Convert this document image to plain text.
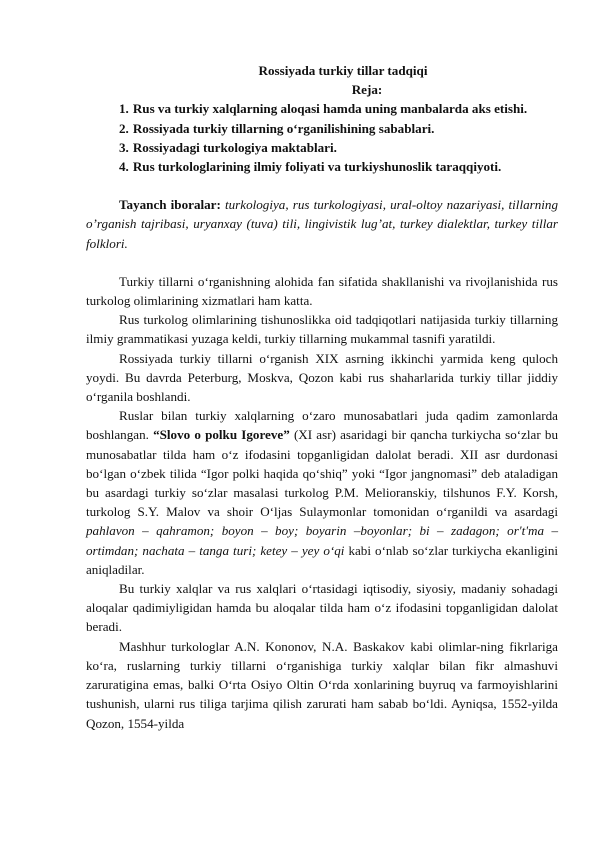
Rossiyada turkiy tillar tadqiqi
Reja:
1. Rus va turkiy xalqlarning aloqasi hamda uning manbalarda aks etishi.
2. Rossiyada turkiy tillarning o‘rganilishining sabablari.
3. Rossiyadagi turkologiya maktablari.
4. Rus turkologlarining ilmiy foliyati va turkiyshunoslik taraqqiyoti.

Tayanch iboralar: turkologiya, rus turkologiyasi, ural-oltoy nazariyasi, tillarning o’rganish tajribasi, uryanxay (tuva) tili, lingivistik lug’at, turkey dialektlar, turkey tillar folklori.

Turkiy tillarni o‘rganishning alohida fan sifatida shakllanishi va rivojlanishida rus turkolog olimlarining xizmatlari ham katta.

Rus turkolog olimlarining tishunoslikka oid tadqiqotlari natijasida turkiy tillarning ilmiy grammatikasi yuzaga keldi, turkiy tillarning mukammal tasnifi yaratildi.

Rossiyada turkiy tillarni o‘rganish XIX asrning ikkinchi yarmida keng quloch yoydi. Bu davrda Peterburg, Moskva, Qozon kabi rus shaharlarida turkiy tillar jiddiy o‘rganila boshlandi.

Ruslar bilan turkiy xalqlarning o‘zaro munosabatlari juda qadim zamonlarda boshlangan. “Slovo o polku Igoreve” (XI asr) asaridagi bir qancha turkiycha so‘zlar bu munosabatlar tilda ham o‘z ifodasini topganligidan dalolat beradi. XII asr durdonasi bo‘lgan o‘zbek tilida “Igor polki haqida qo‘shiq” yoki “Igor jangnomasi” deb ataladigan bu asardagi turkiy so‘zlar masalasi turkolog P.M. Melioranskiy, tilshunos F.Y. Korsh, turkolog S.Y. Malov va shoir O‘ljas Sulaymonlar tomonidan o‘rganildi va asardagi pahlavon – qahramon; boyon – boy; boyarin –boyonlar; bi – zadagon; or't'ma – ortimdan; nachata – tanga turi; ketey – yey o‘qi kabi o‘nlab so‘zlar turkiycha ekanligini aniqladilar.

Bu turkiy xalqlar va rus xalqlari o‘rtasidagi iqtisodiy, siyosiy, madaniy sohadagi aloqalar qadimiyligidan hamda bu aloqalar tilda ham o‘z ifodasini topganligidan dalolat beradi.

Mashhur turkologlar A.N. Kononov, N.A. Baskakov kabi olimlar-ning fikrlariga ko‘ra, ruslarning turkiy tillarni o‘rganishiga turkiy xalqlar bilan fikr almashuvi zaruratigina emas, balki O‘rta Osiyo Oltin O‘rda xonlarining buyruq va farmoyishlarini tushunish, ularni rus tiliga tarjima qilish zarurati ham sabab bo‘ldi. Ayniqsa, 1552-yilda Qozon, 1554-yilda
